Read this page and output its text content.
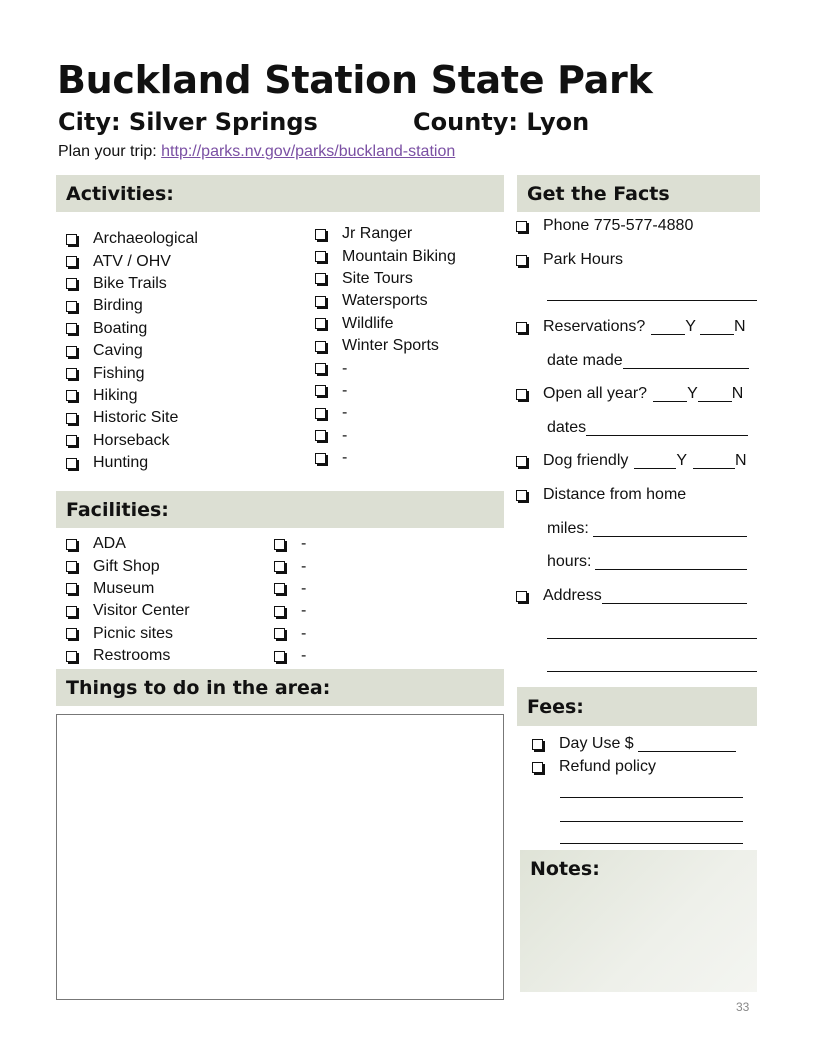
Buckland Station State Park
City: Silver Springs	County: Lyon
Plan your trip: http://parks.nv.gov/parks/buckland-station
Activities:
Archaeological
ATV / OHV
Bike Trails
Birding
Boating
Caving
Fishing
Hiking
Historic Site
Horseback
Hunting
Jr Ranger
Mountain Biking
Site Tours
Watersports
Wildlife
Winter Sports
-
-
-
-
-
Facilities:
ADA
Gift Shop
Museum
Visitor Center
Picnic sites
Restrooms
-
-
-
-
-
-
Things to do in the area:
Get the Facts
Phone 775-577-4880
Park Hours
Reservations?	Y N
date made
Open all year?	Y N
dates
Dog friendly	Y	N
Distance from home
miles:
hours:
Address
Fees:
Day Use $
Refund policy
Notes:
33
